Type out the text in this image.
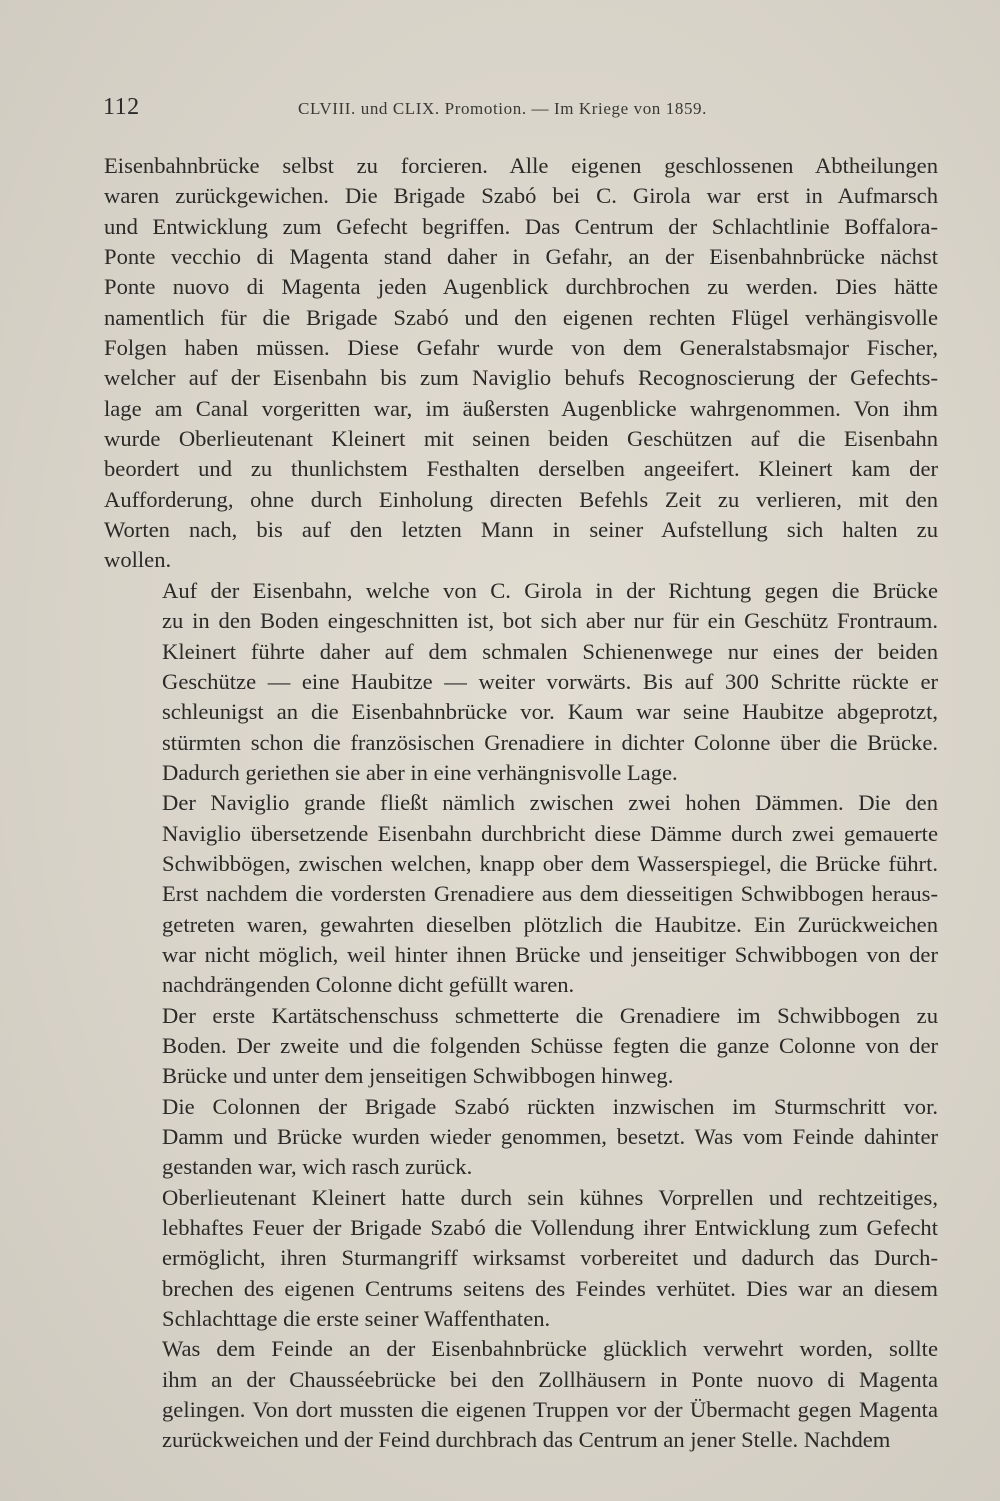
112	CLVIII. und CLIX. Promotion. — Im Kriege von 1859.
Eisenbahnbrücke selbst zu forcieren. Alle eigenen geschlossenen Abtheilungen
waren zurückgewichen. Die Brigade Szabó bei C. Girola war erst in Aufmarsch
und Entwicklung zum Gefecht begriffen. Das Centrum der Schlachtlinie Boffalora-
Ponte vecchio di Magenta stand daher in Gefahr, an der Eisenbahnbrücke nächst
Ponte nuovo di Magenta jeden Augenblick durchbrochen zu werden. Dies hätte
namentlich für die Brigade Szabó und den eigenen rechten Flügel verhängisvolle
Folgen haben müssen. Diese Gefahr wurde von dem Generalstabsmajor Fischer,
welcher auf der Eisenbahn bis zum Naviglio behufs Recognoscierung der Gefechts-
lage am Canal vorgeritten war, im äußersten Augenblicke wahrgenommen. Von ihm
wurde Oberlieutenant Kleinert mit seinen beiden Geschützen auf die Eisenbahn
beordert und zu thunlichstem Festhalten derselben angeeifert. Kleinert kam der
Aufforderung, ohne durch Einholung directen Befehls Zeit zu verlieren, mit den
Worten nach, bis auf den letzten Mann in seiner Aufstellung sich halten zu
wollen.
Auf der Eisenbahn, welche von C. Girola in der Richtung gegen die Brücke
zu in den Boden eingeschnitten ist, bot sich aber nur für ein Geschütz Frontraum.
Kleinert führte daher auf dem schmalen Schienenwege nur eines der beiden
Geschütze — eine Haubitze — weiter vorwärts. Bis auf 300 Schritte rückte er
schleunigst an die Eisenbahnbrücke vor. Kaum war seine Haubitze abgeprotzt,
stürmten schon die französischen Grenadiere in dichter Colonne über die Brücke.
Dadurch geriethen sie aber in eine verhängnisvolle Lage.
Der Naviglio grande fließt nämlich zwischen zwei hohen Dämmen. Die den
Naviglio übersetzende Eisenbahn durchbricht diese Dämme durch zwei gemauerte
Schwibbögen, zwischen welchen, knapp ober dem Wasserspiegel, die Brücke führt.
Erst nachdem die vordersten Grenadiere aus dem diesseitigen Schwibbogen heraus-
getreten waren, gewahrten dieselben plötzlich die Haubitze. Ein Zurückweichen
war nicht möglich, weil hinter ihnen Brücke und jenseitiger Schwibbogen von der
nachdrängenden Colonne dicht gefüllt waren.
Der erste Kartätschenschuss schmetterte die Grenadiere im Schwibbogen zu
Boden. Der zweite und die folgenden Schüsse fegten die ganze Colonne von der
Brücke und unter dem jenseitigen Schwibbogen hinweg.
Die Colonnen der Brigade Szabó rückten inzwischen im Sturmschritt vor.
Damm und Brücke wurden wieder genommen, besetzt. Was vom Feinde dahinter
gestanden war, wich rasch zurück.
Oberlieutenant Kleinert hatte durch sein kühnes Vorprellen und rechtzeitiges,
lebhaftes Feuer der Brigade Szabó die Vollendung ihrer Entwicklung zum Gefecht
ermöglicht, ihren Sturmangriff wirksamst vorbereitet und dadurch das Durch-
brechen des eigenen Centrums seitens des Feindes verhütet. Dies war an diesem
Schlachttage die erste seiner Waffenthaten.
Was dem Feinde an der Eisenbahnbrücke glücklich verwehrt worden, sollte
ihm an der Chausséebrücke bei den Zollhäusern in Ponte nuovo di Magenta
gelingen. Von dort mussten die eigenen Truppen vor der Übermacht gegen Magenta
zurückweichen und der Feind durchbrach das Centrum an jener Stelle. Nachdem
